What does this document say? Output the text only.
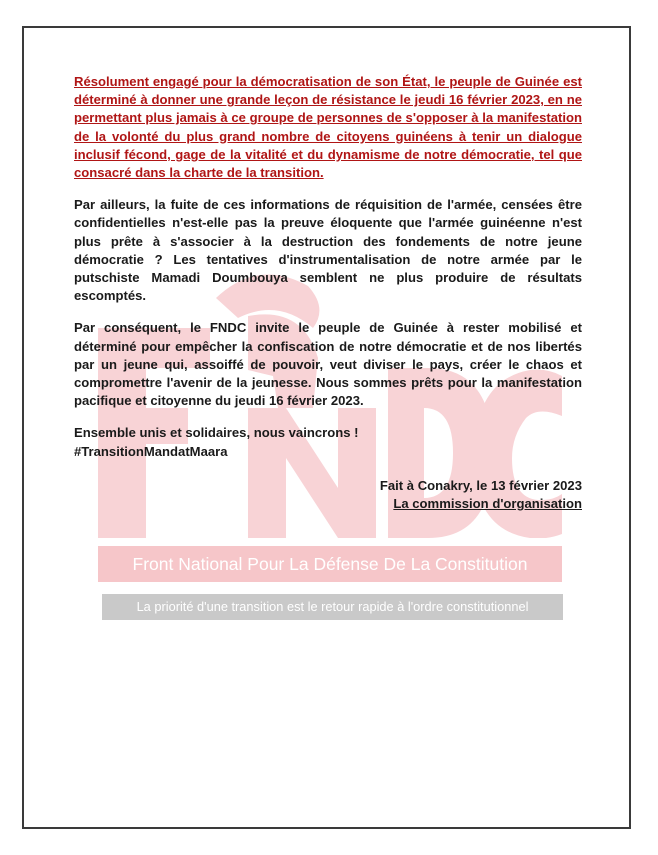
Résolument engagé pour la démocratisation de son État, le peuple de Guinée est déterminé à donner une grande leçon de résistance le jeudi 16 février 2023, en ne permettant plus jamais à ce groupe de personnes de s'opposer à la manifestation de la volonté du plus grand nombre de citoyens guinéens à tenir un dialogue inclusif fécond, gage de la vitalité et du dynamisme de notre démocratie, tel que consacré dans la charte de la transition.

Par ailleurs, la fuite de ces informations de réquisition de l'armée, censées être confidentielles n'est-elle pas la preuve éloquente que l'armée guinéenne n'est plus prête à s'associer à la destruction des fondements de notre jeune démocratie ? Les tentatives d'instrumentalisation de notre armée par le putschiste Mamadi Doumbouya semblent ne plus produire de résultats escomptés.

Par conséquent, le FNDC invite le peuple de Guinée à rester mobilisé et déterminé pour empêcher la confiscation de notre démocratie et de nos libertés par un jeune qui, assoiffé de pouvoir, veut diviser le pays, créer le chaos et compromettre l'avenir de la jeunesse. Nous sommes prêts pour la manifestation pacifique et citoyenne du jeudi 16 février 2023.

Ensemble unis et solidaires, nous vaincrons !
#TransitionMandatMaara

Fait à Conakry, le 13 février 2023
La commission d'organisation

Front National Pour La Défense De La Constitution
La priorité d'une transition est le retour rapide à l'ordre constitutionnel
